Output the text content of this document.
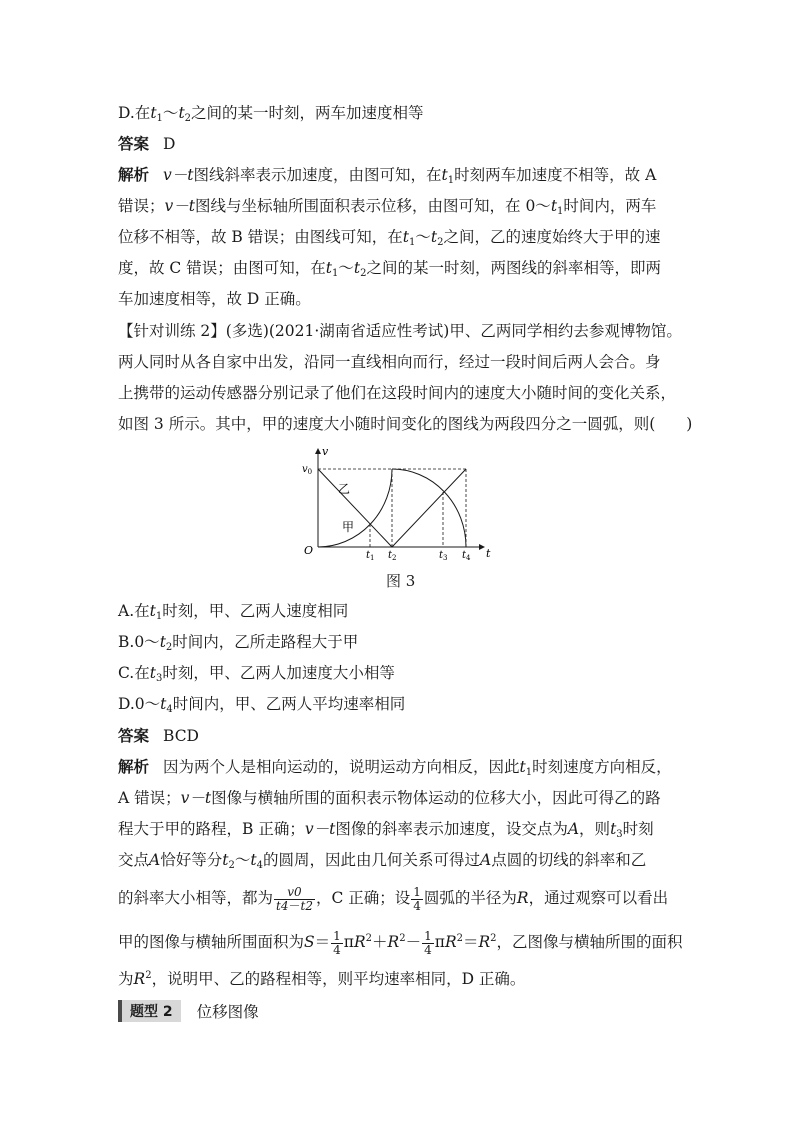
D.在$t_1\sim t_2$之间的某一时刻，两车加速度相等
答案 D
解析 v－t图线斜率表示加速度，由图可知，在$t_1$时刻两车加速度不相等，故 A
错误；v－t图线与坐标轴所围面积表示位移，由图可知，在 $0\sim t_1$时间内，两车
位移不相等，故 B 错误；由图线可知，在$t_1\sim t_2$之间，乙的速度始终大于甲的速
度，故 C 错误；由图可知，在$t_1\sim t_2$之间的某一时刻，两图线的斜率相等，即两
车加速度相等，故 D 正确。
【针对训练 2】(多选)(2021·湖南省适应性考试)甲、乙两同学相约去参观博物馆。
两人同时从各自家中出发，沿同一直线相向而行，经过一段时间后两人会合。身
上携带的运动传感器分别记录了他们在这段时间内的速度大小随时间的变化关系，
如图 3 所示。其中，甲的速度大小随时间变化的图线为两段四分之一圆弧，则(　　)
v
t
O
$v_0$
乙
甲
$t_1$ $t_2$	$t_3$ $t_4$
图 3
A.在$t_1$时刻，甲、乙两人速度相同
$B.0\sim t_2$时间内，乙所走路程大于甲
C.在$t_3$时刻，甲、乙两人加速度大小相等
$D.0\sim t_4$时间内，甲、乙两人平均速率相同
答案 BCD
解析 因为两个人是相向运动的，说明运动方向相反，因此$t_1$时刻速度方向相反，
A 错误；v－t图像与横轴所围的面积表示物体运动的位移大小，因此可得乙的路
程大于甲的路程，B 正确；v－t图像的斜率表示加速度，设交点为A，则$t_3$时刻
交点A恰好等分$t_2\sim t_4$的圆周，因此由几何关系可得过A点圆的切线的斜率和乙
的斜率大小相等，都为 $\frac{v0}{t4-t2}$ ，C 正确；设 $\frac{1}{4}$ 圆弧的半径为R，通过观察可以看出
甲的图像与横轴所围面积为$S= \frac{1}{4} \pi R^2+R^2- \frac{1}{4} \pi R^2=R^2$，乙图像与横轴所围的面积
为$R^2$，说明甲、乙的路程相等，则平均速率相同，D 正确。
题型 2	位移图像
